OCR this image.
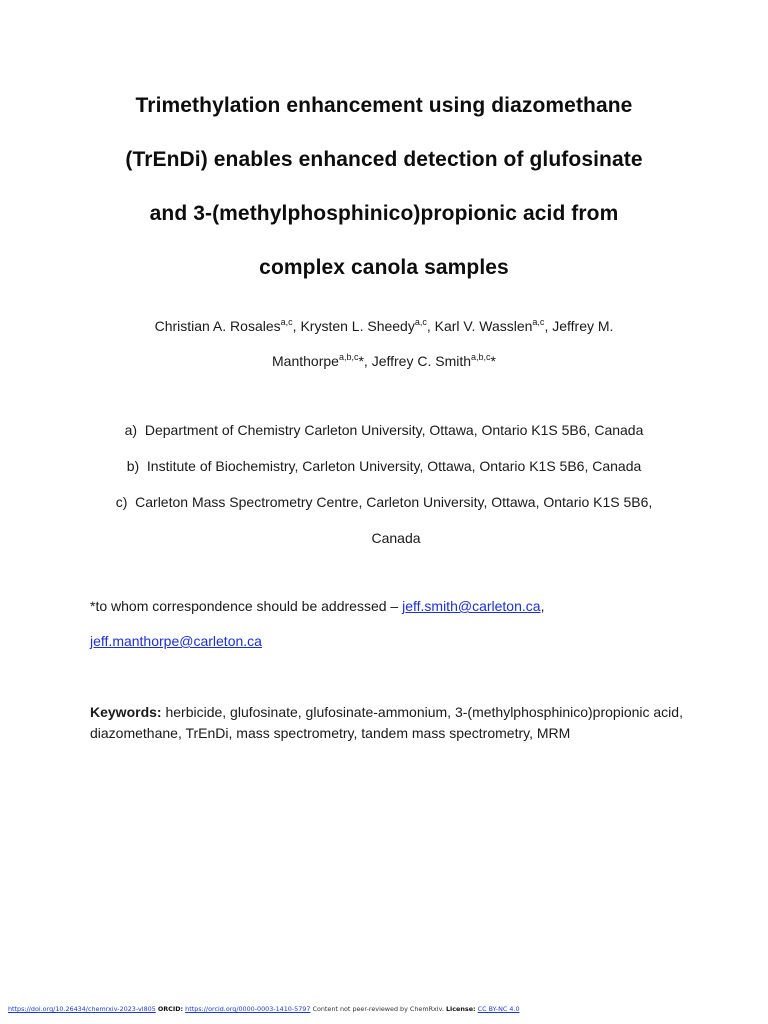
Trimethylation enhancement using diazomethane
(TrEnDi) enables enhanced detection of glufosinate
and 3-(methylphosphinico)propionic acid from
complex canola samples
Christian A. Rosales$^{a,c}$, Krysten L. Sheedy$^{a,c}$, Karl V. Wasslen$^{a,c}$, Jeffrey M.
Manthorpe$^{a,b,c}$*, Jeffrey C. Smith$^{a,b,c}$*
a) Department of Chemistry Carleton University, Ottawa, Ontario K1S 5B6, Canada
b) Institute of Biochemistry, Carleton University, Ottawa, Ontario K1S 5B6, Canada
c) Carleton Mass Spectrometry Centre, Carleton University, Ottawa, Ontario K1S 5B6,
Canada
*to whom correspondence should be addressed – jeff.smith@carleton.ca,
jeff.manthorpe@carleton.ca
Keywords: herbicide, glufosinate, glufosinate-ammonium, 3-(methylphosphinico)propionic acid, diazomethane, TrEnDi, mass spectrometry, tandem mass spectrometry, MRM
https://doi.org/10.26434/chemrxiv-2023-vl805 ORCID: https://orcid.org/0000-0003-1410-5797 Content not peer-reviewed by ChemRxiv. License: CC BY-NC 4.0
